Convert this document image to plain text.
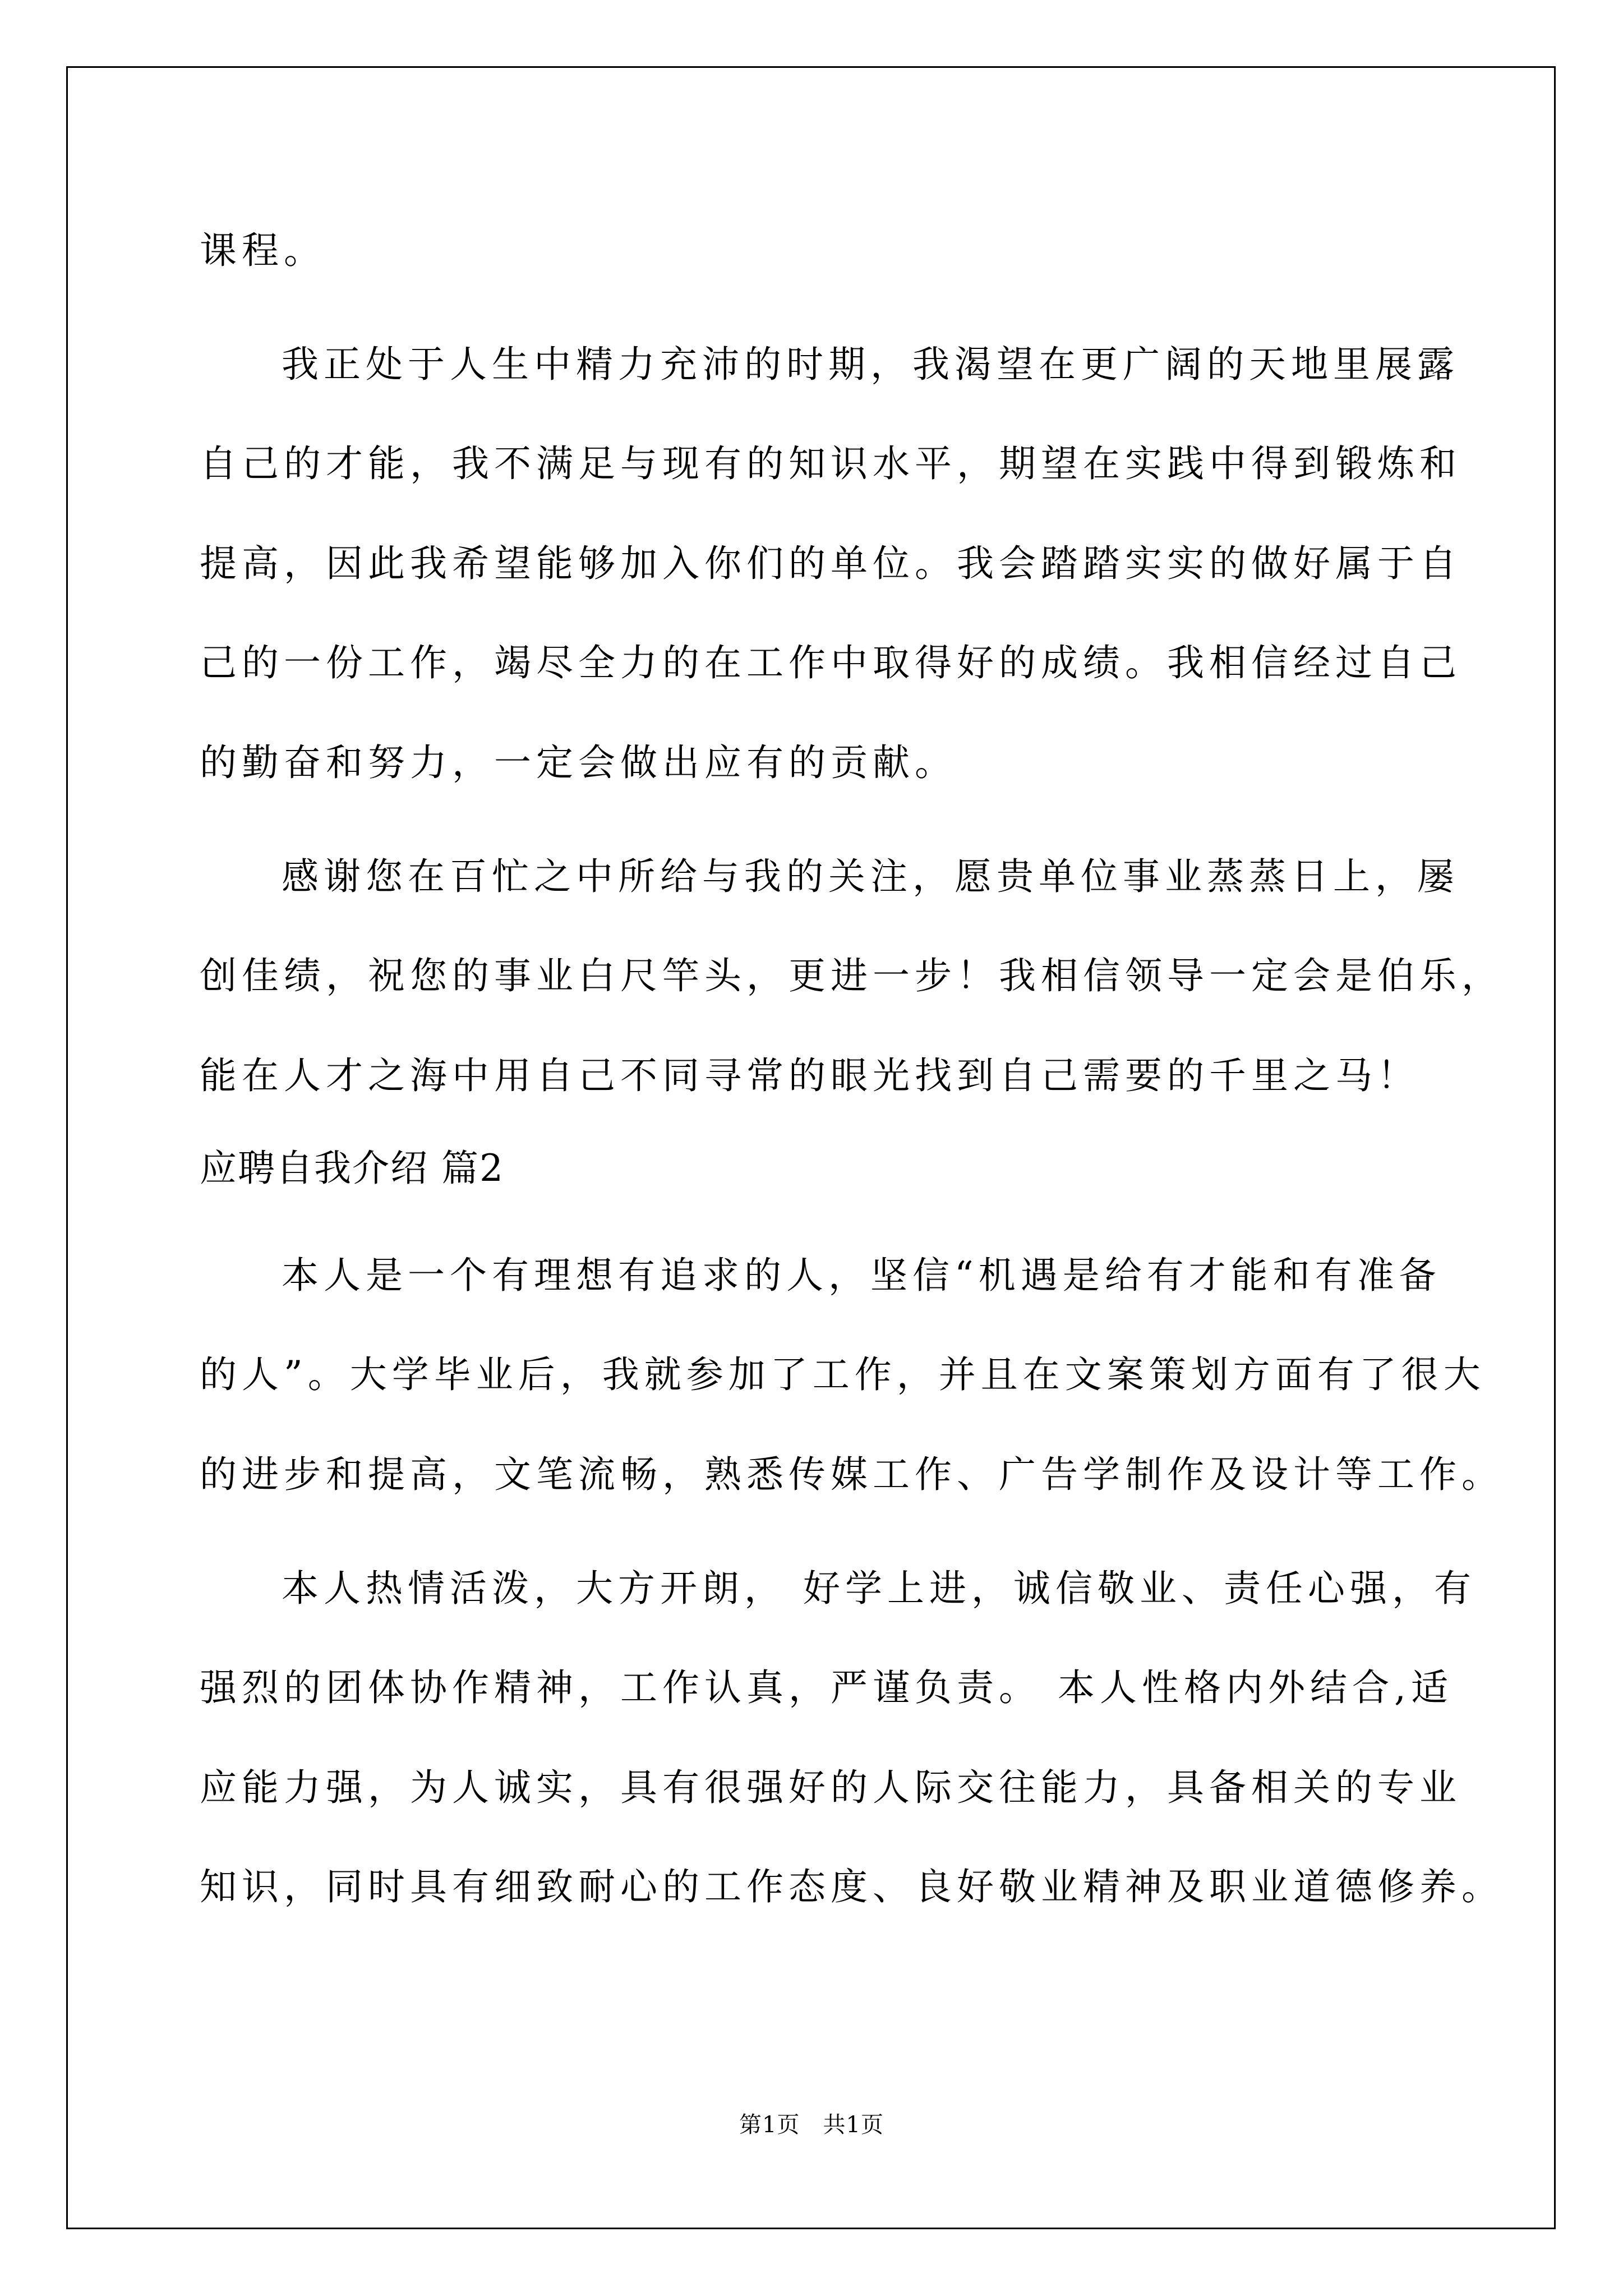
课程。
我正处于人生中精力充沛的时期，我渴望在更广阔的天地里展露
自己的才能，我不满足与现有的知识水平，期望在实践中得到锻炼和
提高，因此我希望能够加入你们的单位。我会踏踏实实的做好属于自
己的一份工作，竭尽全力的在工作中取得好的成绩。我相信经过自己
的勤奋和努力，一定会做出应有的贡献。
感谢您在百忙之中所给与我的关注，愿贵单位事业蒸蒸日上，屡
创佳绩，祝您的事业白尺竿头，更进一步！我相信领导一定会是伯乐，
能在人才之海中用自己不同寻常的眼光找到自己需要的千里之马！
应聘自我介绍 篇2
本人是一个有理想有追求的人，坚信“机遇是给有才能和有准备
的人”。大学毕业后，我就参加了工作，并且在文案策划方面有了很大
的进步和提高，文笔流畅，熟悉传媒工作、广告学制作及设计等工作。
本人热情活泼，大方开朗， 好学上进，诚信敬业、责任心强，有
强烈的团体协作精神，工作认真，严谨负责。 本人性格内外结合,适
应能力强，为人诚实，具有很强好的人际交往能力，具备相关的专业
知识，同时具有细致耐心的工作态度、良好敬业精神及职业道德修养。
第1页   共1页
